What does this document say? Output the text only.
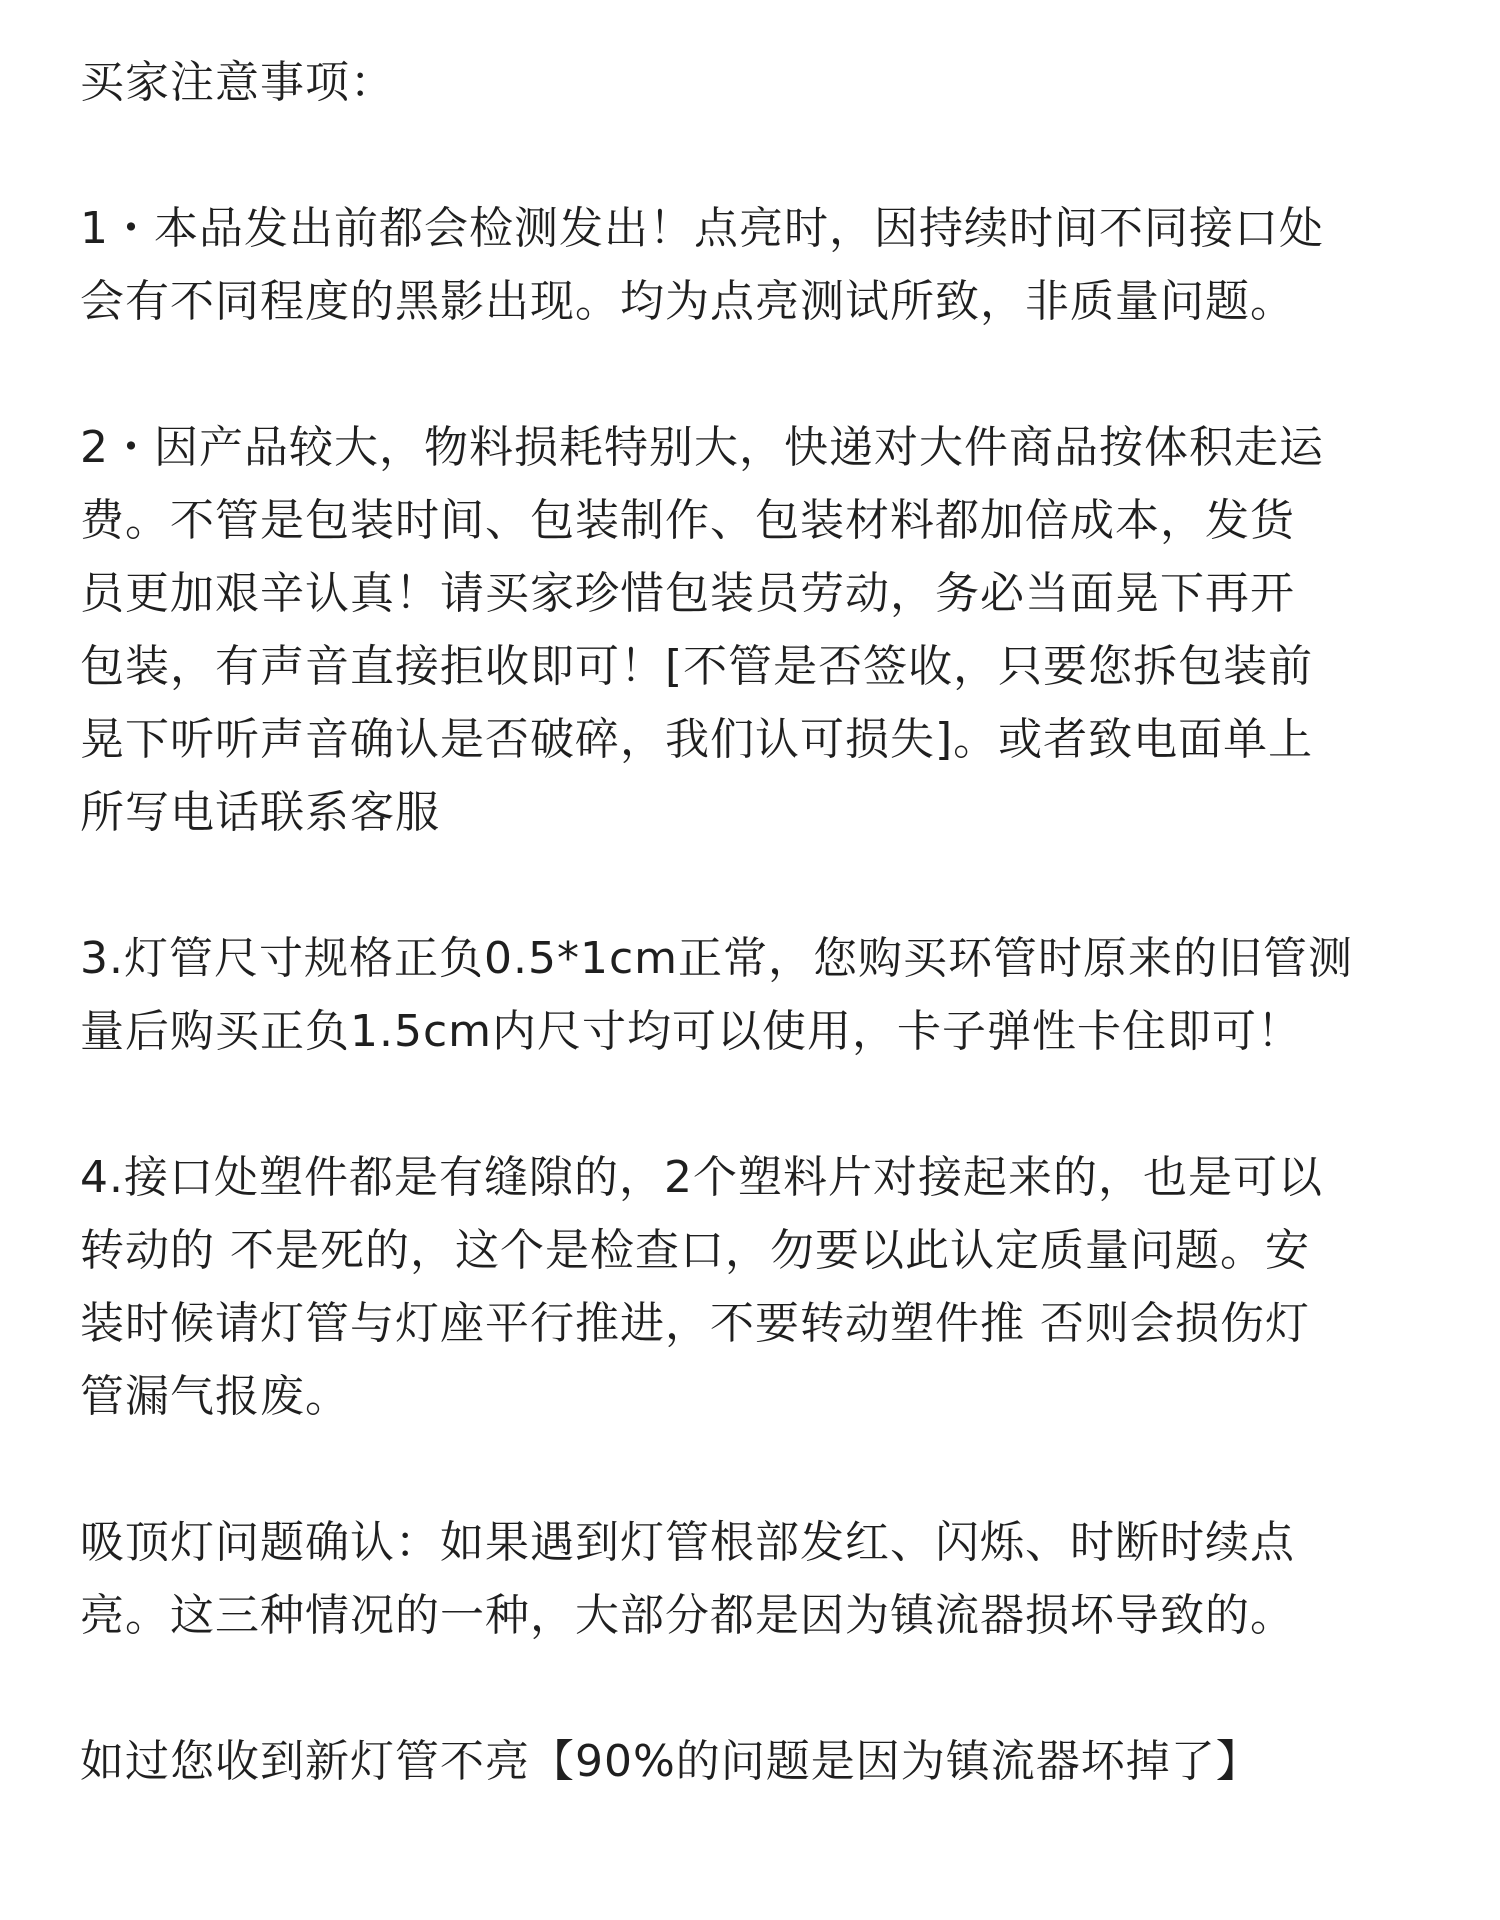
买家注意事项：
1・本品发出前都会检测发出！点亮时，因持续时间不同接口处
会有不同程度的黑影出现。均为点亮测试所致，非质量问题。
2・因产品较大，物料损耗特别大，快递对大件商品按体积走运
费。不管是包装时间、包装制作、包装材料都加倍成本，发货
员更加艰辛认真！请买家珍惜包装员劳动，务必当面晃下再开
包装，有声音直接拒收即可！[不管是否签收，只要您拆包装前
晃下听听声音确认是否破碎，我们认可损失]。或者致电面单上
所写电话联系客服
3.灯管尺寸规格正负0.5*1cm正常，您购买环管时原来的旧管测
量后购买正负1.5cm内尺寸均可以使用，卡子弹性卡住即可！
4.接口处塑件都是有缝隙的，2个塑料片对接起来的，也是可以
转动的 不是死的，这个是检查口，勿要以此认定质量问题。安
装时候请灯管与灯座平行推进，不要转动塑件推 否则会损伤灯
管漏气报废。
吸顶灯问题确认：如果遇到灯管根部发红、闪烁、时断时续点
亮。这三种情况的一种，大部分都是因为镇流器损坏导致的。
如过您收到新灯管不亮【90%的问题是因为镇流器坏掉了】
